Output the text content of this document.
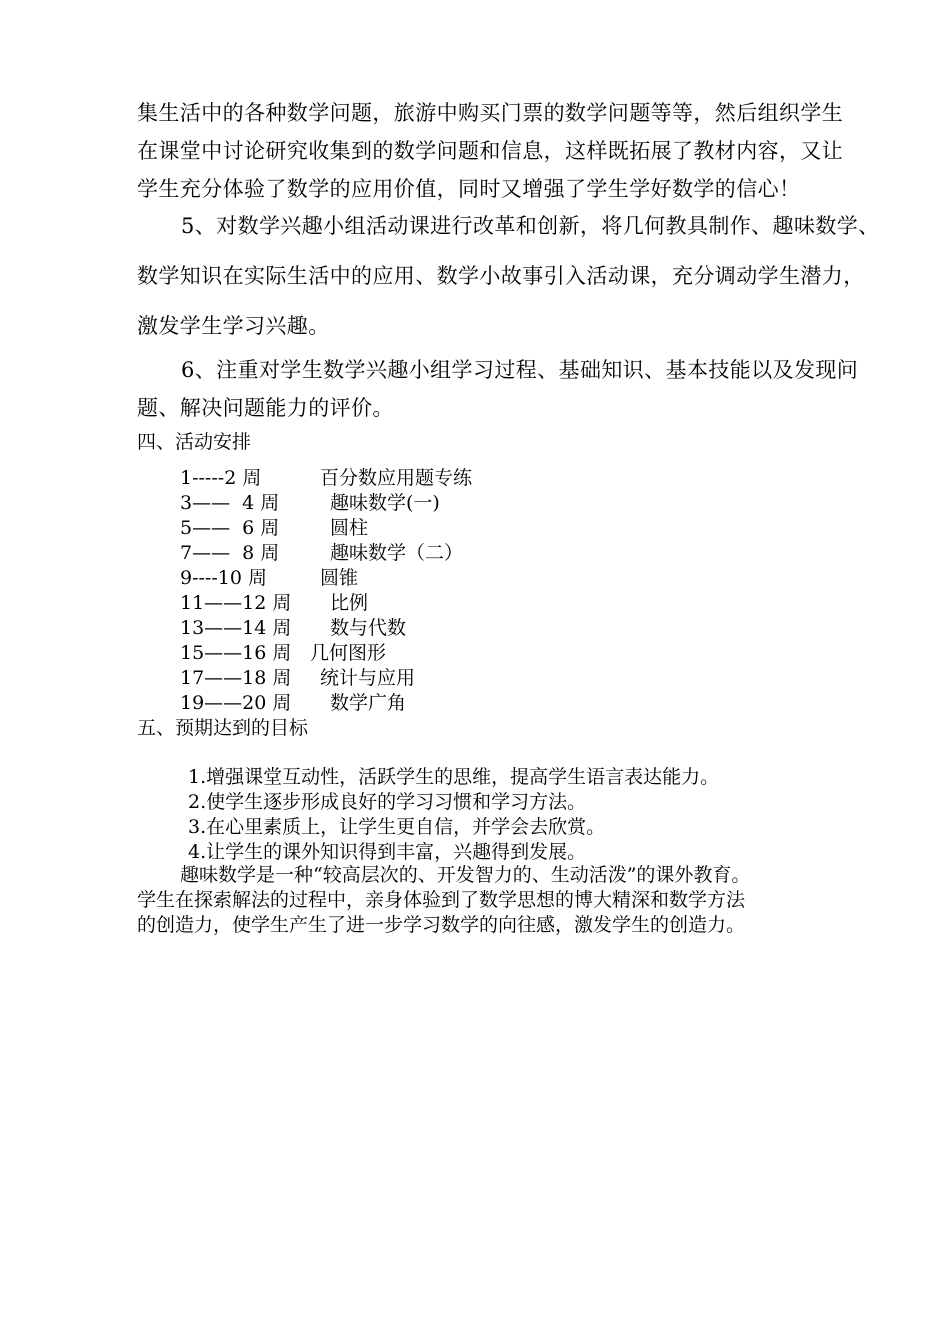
集生活中的各种数学问题，旅游中购买门票的数学问题等等，然后组织学生
在课堂中讨论研究收集到的数学问题和信息，这样既拓展了教材内容，又让
学生充分体验了数学的应用价值，同时又增强了学生学好数学的信心！
5、对数学兴趣小组活动课进行改革和创新，将几何教具制作、趣味数学、
数学知识在实际生活中的应用、数学小故事引入活动课，充分调动学生潜力，
激发学生学习兴趣。
6、注重对学生数学兴趣小组学习过程、基础知识、基本技能以及发现问
题、解决问题能力的评价。
四、活动安排
1-----2 周	百分数应用题专练
3——  4 周	趣味数学(一)
5——  6 周	圆柱
7——  8 周	趣味数学（二）
9----10 周	圆锥
11——12 周 比例
13——14 周 数与代数
15——16 周 几何图形
17——18 周 统计与应用
19——20 周 数学广角
五、预期达到的目标
1.增强课堂互动性，活跃学生的思维，提高学生语言表达能力。
2.使学生逐步形成良好的学习习惯和学习方法。
3.在心里素质上，让学生更自信，并学会去欣赏。
4.让学生的课外知识得到丰富，兴趣得到发展。
趣味数学是一种“较高层次的、开发智力的、生动活泼”的课外教育。
学生在探索解法的过程中，亲身体验到了数学思想的博大精深和数学方法
的创造力，使学生产生了进一步学习数学的向往感，激发学生的创造力。
